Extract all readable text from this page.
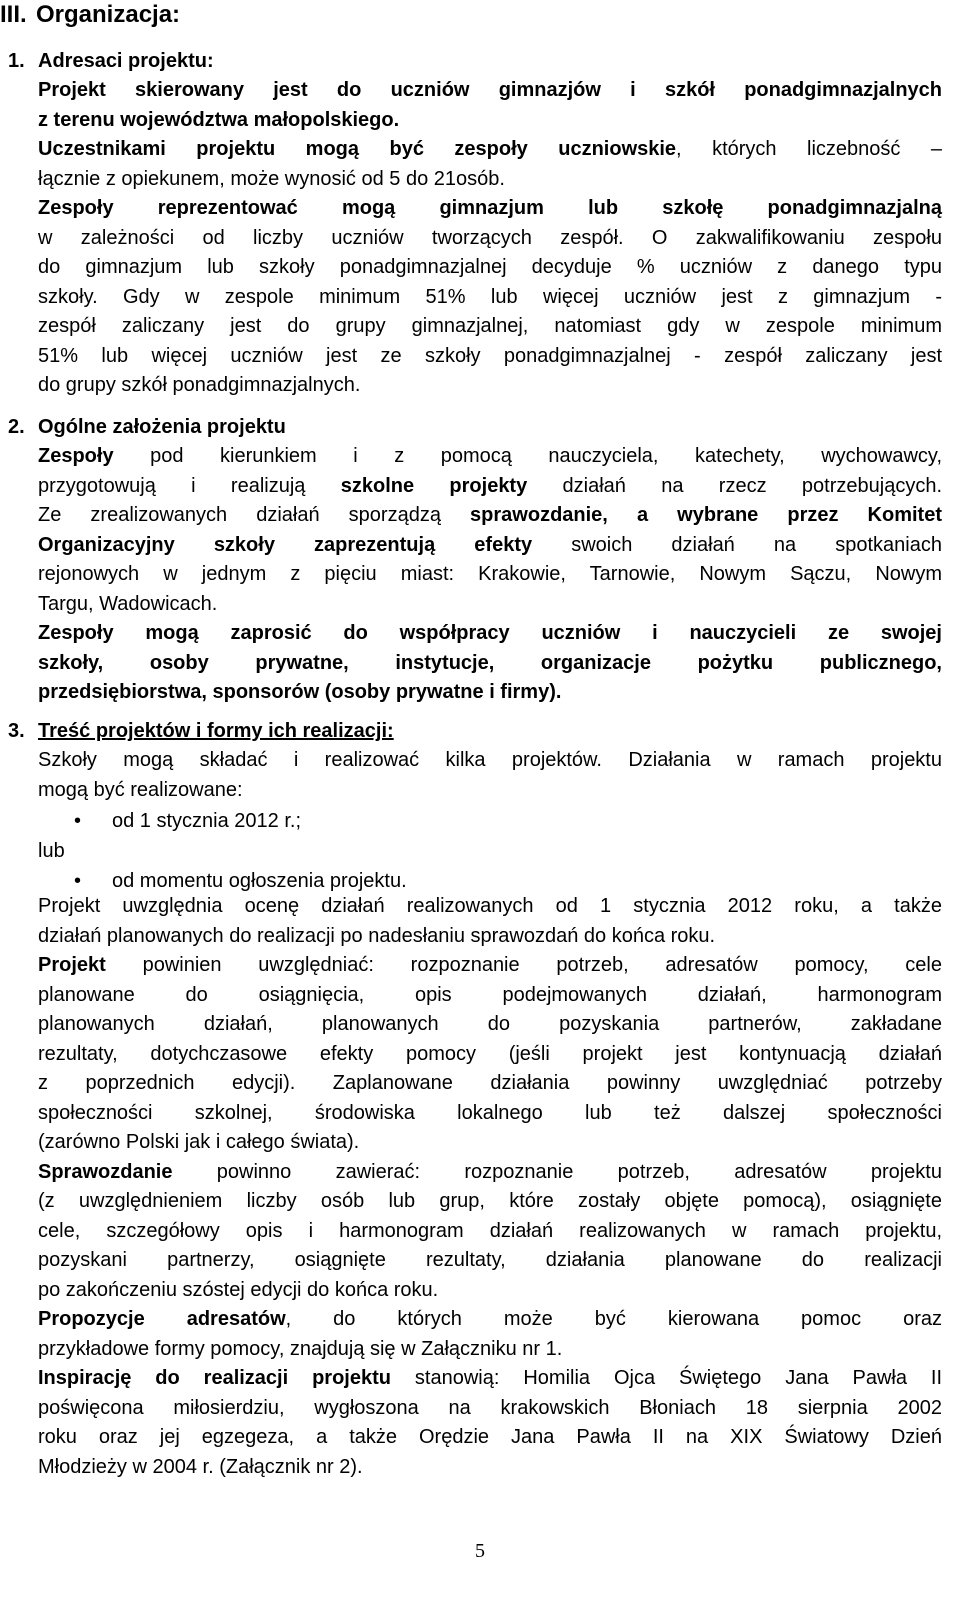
III. Organizacja:
1. Adresaci projektu:
Projekt skierowany jest do uczniów gimnazjów i szkół ponadgimnazjalnych
z terenu województwa małopolskiego.
Uczestnikami projektu mogą być zespoły uczniowskie, których liczebność –
łącznie z opiekunem, może wynosić od 5 do 21osób.
Zespoły reprezentować mogą gimnazjum lub szkołę ponadgimnazjalną
w zależności od liczby uczniów tworzących zespół. O zakwalifikowaniu zespołu
do gimnazjum lub szkoły ponadgimnazjalnej decyduje % uczniów z danego typu
szkoły. Gdy w zespole minimum 51% lub więcej uczniów jest z gimnazjum -
zespół zaliczany jest do grupy gimnazjalnej, natomiast gdy w zespole minimum
51% lub więcej uczniów jest ze szkoły ponadgimnazjalnej - zespół zaliczany jest
do grupy szkół ponadgimnazjalnych.
2. Ogólne założenia projektu
Zespoły pod kierunkiem i z pomocą nauczyciela, katechety, wychowawcy,
przygotowują i realizują szkolne projekty działań na rzecz potrzebujących.
Ze zrealizowanych działań sporządzą sprawozdanie, a wybrane przez Komitet
Organizacyjny szkoły zaprezentują efekty swoich działań na spotkaniach
rejonowych w jednym z pięciu miast: Krakowie, Tarnowie, Nowym Sączu, Nowym
Targu, Wadowicach.
Zespoły mogą zaprosić do współpracy uczniów i nauczycieli ze swojej
szkoły, osoby prywatne, instytucje, organizacje pożytku publicznego,
przedsiębiorstwa, sponsorów (osoby prywatne i firmy).
3. Treść projektów i formy ich realizacji:
Szkoły mogą składać i realizować kilka projektów. Działania w ramach projektu
mogą być realizowane:
• od 1 stycznia 2012 r.;
lub
• od momentu ogłoszenia projektu.
Projekt uwzględnia ocenę działań realizowanych od 1 stycznia 2012 roku, a także
działań planowanych do realizacji po nadesłaniu sprawozdań do końca roku.
Projekt powinien uwzględniać: rozpoznanie potrzeb, adresatów pomocy, cele
planowane do osiągnięcia, opis podejmowanych działań, harmonogram
planowanych działań, planowanych do pozyskania partnerów, zakładane
rezultaty, dotychczasowe efekty pomocy (jeśli projekt jest kontynuacją działań
z poprzednich edycji). Zaplanowane działania powinny uwzględniać potrzeby
społeczności szkolnej, środowiska lokalnego lub też dalszej społeczności
(zarówno Polski jak i całego świata).
Sprawozdanie powinno zawierać: rozpoznanie potrzeb, adresatów projektu
(z uwzględnieniem liczby osób lub grup, które zostały objęte pomocą), osiągnięte
cele, szczegółowy opis i harmonogram działań realizowanych w ramach projektu,
pozyskani partnerzy, osiągnięte rezultaty, działania planowane do realizacji
po zakończeniu szóstej edycji do końca roku.
Propozycje adresatów, do których może być kierowana pomoc oraz
przykładowe formy pomocy, znajdują się w Załączniku nr 1.
Inspirację do realizacji projektu stanowią: Homilia Ojca Świętego Jana Pawła II
poświęcona miłosierdziu, wygłoszona na krakowskich Błoniach 18 sierpnia 2002
roku oraz jej egzegeza, a także Orędzie Jana Pawła II na XIX Światowy Dzień
Młodzieży w 2004 r. (Załącznik nr 2).
5
